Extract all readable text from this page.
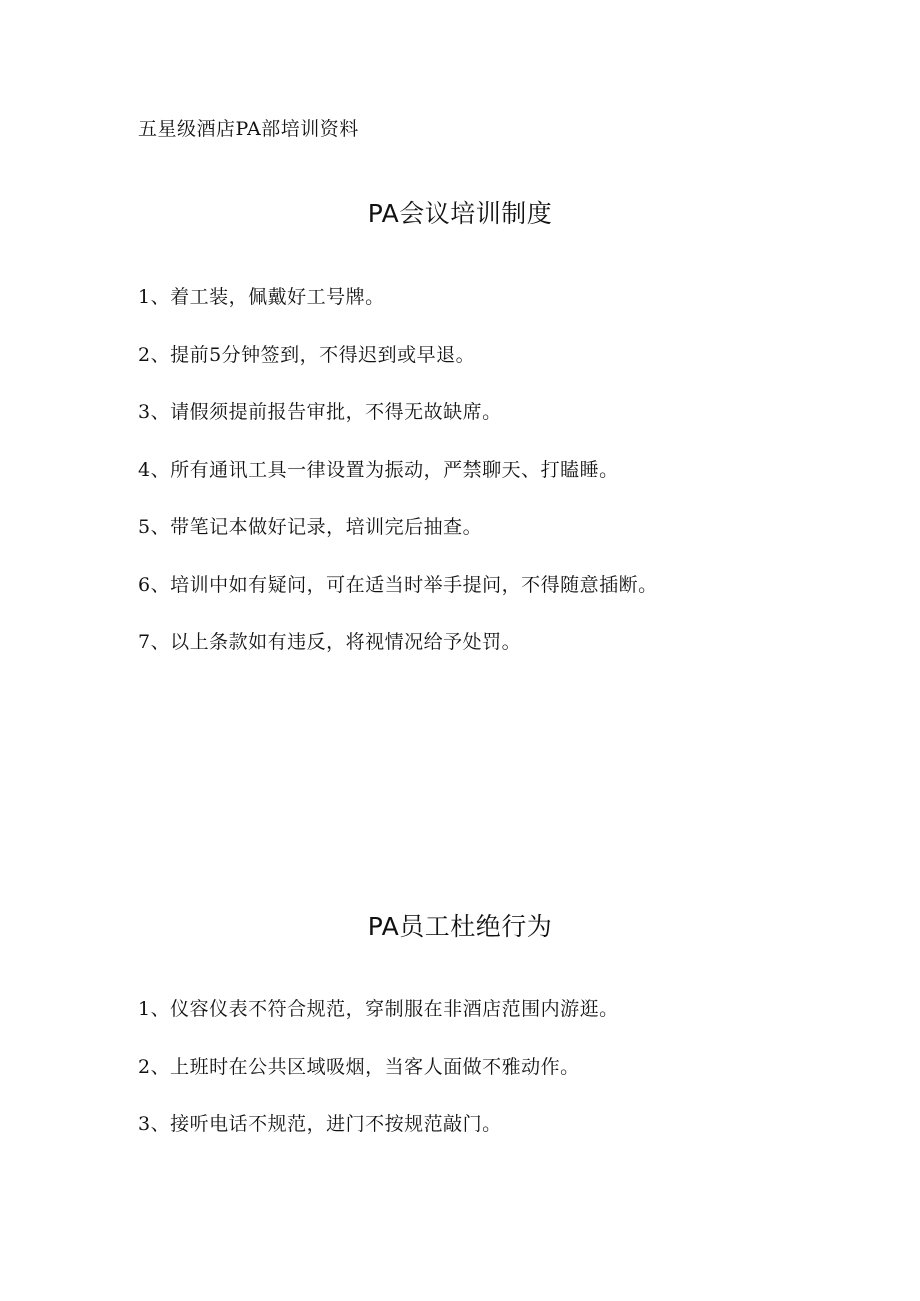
五星级酒店PA部培训资料
PA会议培训制度
1、着工装，佩戴好工号牌。
2、提前5分钟签到，不得迟到或早退。
3、请假须提前报告审批，不得无故缺席。
4、所有通讯工具一律设置为振动，严禁聊天、打瞌睡。
5、带笔记本做好记录，培训完后抽查。
6、培训中如有疑问，可在适当时举手提问，不得随意插断。
7、以上条款如有违反，将视情况给予处罚。
PA员工杜绝行为
1、仪容仪表不符合规范，穿制服在非酒店范围内游逛。
2、上班时在公共区域吸烟，当客人面做不雅动作。
3、接听电话不规范，进门不按规范敲门。
